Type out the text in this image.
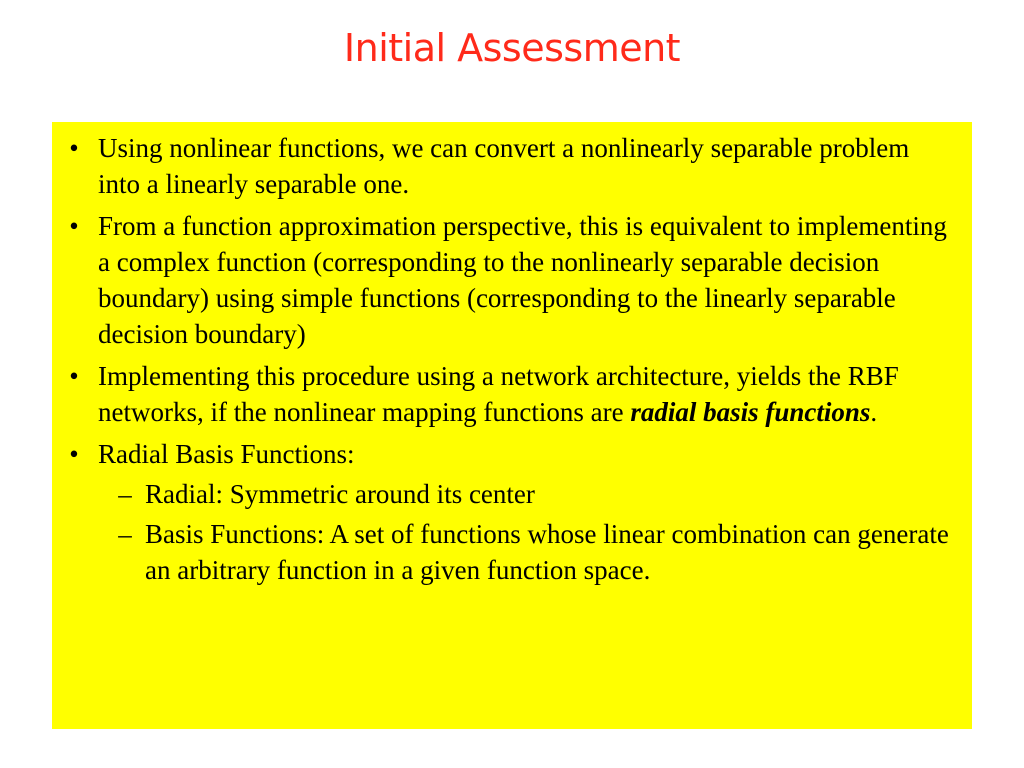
Initial Assessment
• Using nonlinear functions, we can convert a nonlinearly separable problem into a linearly separable one.
• From a function approximation perspective, this is equivalent to implementing a complex function (corresponding to the nonlinearly separable decision boundary) using simple functions (corresponding to the linearly separable decision boundary)
• Implementing this procedure using a network architecture, yields the RBF networks, if the nonlinear mapping functions are radial basis functions.
• Radial Basis Functions:
– Radial: Symmetric around its center
– Basis Functions: A set of functions whose linear combination can generate an arbitrary function in a given function space.
